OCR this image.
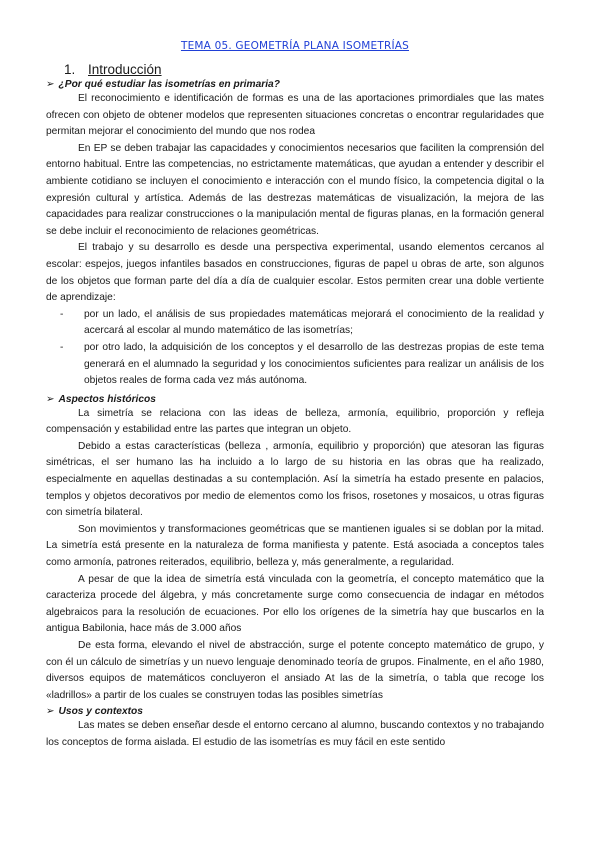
TEMA 05. GEOMETRÍA PLANA ISOMETRÍAS
1. Introducción
➢ ¿Por qué estudiar las isometrías en primaria?

El reconocimiento e identificación de formas es una de las aportaciones primordiales que las mates ofrecen con objeto de obtener modelos que representen situaciones concretas o encontrar regularidades que permitan mejorar el conocimiento del mundo que nos rodea

En EP se deben trabajar las capacidades y conocimientos necesarios que faciliten la comprensión del entorno habitual. Entre las competencias, no estrictamente matemáticas, que ayudan a entender y describir el ambiente cotidiano se incluyen el conocimiento e interacción con el mundo físico, la competencia digital o la expresión cultural y artística. Además de las destrezas matemáticas de visualización, la mejora de las capacidades para realizar construcciones o la manipulación mental de figuras planas, en la formación general se debe incluir el reconocimiento de relaciones geométricas.

El trabajo y su desarrollo es desde una perspectiva experimental, usando elementos cercanos al escolar: espejos, juegos infantiles basados en construcciones, figuras de papel u obras de arte, son algunos de los objetos que forman parte del día a día de cualquier escolar. Estos permiten crear una doble vertiente de aprendizaje:

- por un lado, el análisis de sus propiedades matemáticas mejorará el conocimiento de la realidad y acercará al escolar al mundo matemático de las isometrías;
- por otro lado, la adquisición de los conceptos y el desarrollo de las destrezas propias de este tema generará en el alumnado la seguridad y los conocimientos suficientes para realizar un análisis de los objetos reales de forma cada vez más autónoma.
➢ Aspectos históricos

La simetría se relaciona con las ideas de belleza, armonía, equilibrio, proporción y refleja compensación y estabilidad entre las partes que integran un objeto.

Debido a estas características (belleza , armonía, equilibrio y proporción) que atesoran las figuras simétricas, el ser humano las ha incluido a lo largo de su historia en las obras que ha realizado, especialmente en aquellas destinadas a su contemplación. Así la simetría ha estado presente en palacios, templos y objetos decorativos por medio de elementos como los frisos, rosetones y mosaicos, u otras figuras con simetría bilateral.

Son movimientos y transformaciones geométricas que se mantienen iguales si se doblan por la mitad. La simetría está presente en la naturaleza de forma manifiesta y patente. Está asociada a conceptos tales como armonía, patrones reiterados, equilibrio, belleza y, más generalmente, a regularidad.

A pesar de que la idea de simetría está vinculada con la geometría, el concepto matemático que la caracteriza procede del álgebra, y más concretamente surge como consecuencia de indagar en métodos algebraicos para la resolución de ecuaciones. Por ello los orígenes de la simetría hay que buscarlos en la antigua Babilonia, hace más de 3.000 años

De esta forma, elevando el nivel de abstracción, surge el potente concepto matemático de grupo, y con él un cálculo de simetrías y un nuevo lenguaje denominado teoría de grupos. Finalmente, en el año 1980, diversos equipos de matemáticos concluyeron el ansiado At las de la simetría, o tabla que recoge los «ladrillos» a partir de los cuales se construyen todas las posibles simetrías

➢ Usos y contextos

Las mates se deben enseñar desde el entorno cercano al alumno, buscando contextos y no trabajando los conceptos de forma aislada. El estudio de las isometrías es muy fácil en este sentido
